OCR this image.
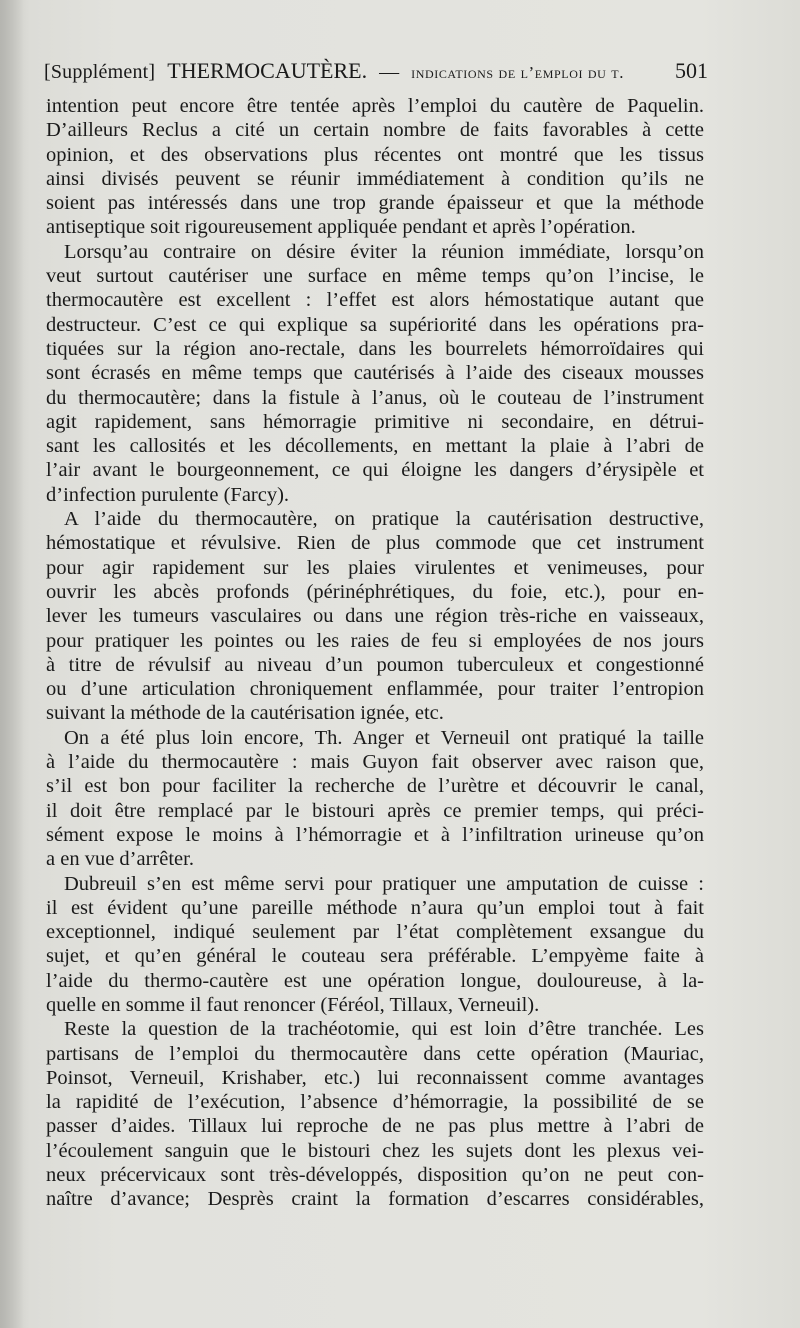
[Supplément] THERMOCAUTÈRE. — indications de l’emploi du t. 501
intention peut encore être tentée après l’emploi du cautère de Paquelin.
D’ailleurs Reclus a cité un certain nombre de faits favorables à cette
opinion, et des observations plus récentes ont montré que les tissus
ainsi divisés peuvent se réunir immédiatement à condition qu’ils ne
soient pas intéressés dans une trop grande épaisseur et que la méthode
antiseptique soit rigoureusement appliquée pendant et après l’opération.
Lorsqu’au contraire on désire éviter la réunion immédiate, lorsqu’on
veut surtout cautériser une surface en même temps qu’on l’incise, le
thermocautère est excellent : l’effet est alors hémostatique autant que
destructeur. C’est ce qui explique sa supériorité dans les opérations pra-
tiquées sur la région ano-rectale, dans les bourrelets hémorroïdaires qui
sont écrasés en même temps que cautérisés à l’aide des ciseaux mousses
du thermocautère; dans la fistule à l’anus, où le couteau de l’instrument
agit rapidement, sans hémorragie primitive ni secondaire, en détrui-
sant les callosités et les décollements, en mettant la plaie à l’abri de
l’air avant le bourgeonnement, ce qui éloigne les dangers d’érysipèle et
d’infection purulente (Farcy).
A l’aide du thermocautère, on pratique la cautérisation destructive,
hémostatique et révulsive. Rien de plus commode que cet instrument
pour agir rapidement sur les plaies virulentes et venimeuses, pour
ouvrir les abcès profonds (périnéphrétiques, du foie, etc.), pour en-
lever les tumeurs vasculaires ou dans une région très-riche en vaisseaux,
pour pratiquer les pointes ou les raies de feu si employées de nos jours
à titre de révulsif au niveau d’un poumon tuberculeux et congestionné
ou d’une articulation chroniquement enflammée, pour traiter l’entropion
suivant la méthode de la cautérisation ignée, etc.
On a été plus loin encore, Th. Anger et Verneuil ont pratiqué la taille
à l’aide du thermocautère : mais Guyon fait observer avec raison que,
s’il est bon pour faciliter la recherche de l’urètre et découvrir le canal,
il doit être remplacé par le bistouri après ce premier temps, qui préci-
sément expose le moins à l’hémorragie et à l’infiltration urineuse qu’on
a en vue d’arrêter.
Dubreuil s’en est même servi pour pratiquer une amputation de cuisse :
il est évident qu’une pareille méthode n’aura qu’un emploi tout à fait
exceptionnel, indiqué seulement par l’état complètement exsangue du
sujet, et qu’en général le couteau sera préférable. L’empyème faite à
l’aide du thermo-cautère est une opération longue, douloureuse, à la-
quelle en somme il faut renoncer (Féréol, Tillaux, Verneuil).
Reste la question de la trachéotomie, qui est loin d’être tranchée. Les
partisans de l’emploi du thermocautère dans cette opération (Mauriac,
Poinsot, Verneuil, Krishaber, etc.) lui reconnaissent comme avantages
la rapidité de l’exécution, l’absence d’hémorragie, la possibilité de se
passer d’aides. Tillaux lui reproche de ne pas plus mettre à l’abri de
l’écoulement sanguin que le bistouri chez les sujets dont les plexus vei-
neux précervicaux sont très-développés, disposition qu’on ne peut con-
naître d’avance; Desprès craint la formation d’escarres considérables,
